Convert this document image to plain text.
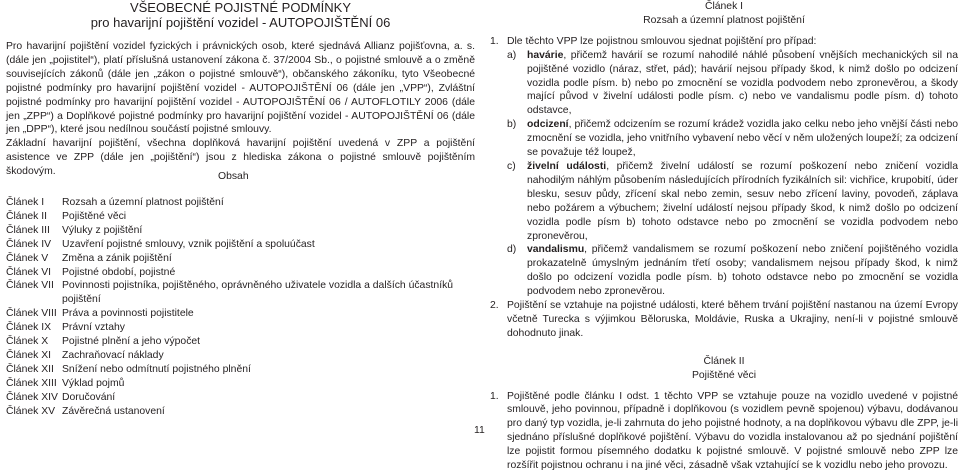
VŠEOBECNÉ POJISTNÉ PODMÍNKY
pro havarijní pojištění vozidel - AUTOPOJIŠTĚNÍ 06

Pro havarijní pojištění vozidel fyzických i právnických osob, které sjednává Allianz pojišťovna, a. s. (dále jen „pojistitel“), platí příslušná ustanovení zákona č. 37/2004 Sb., o pojistné smlouvě a o změně souvisejících zákonů (dále jen „zákon o pojistné smlouvě“), občanského zákoníku, tyto Všeobecné pojistné podmínky pro havarijní pojištění vozidel - AUTOPOJIŠTĚNÍ 06 (dále jen „VPP“), Zvláštní pojistné podmínky pro havarijní pojištění vozidel - AUTOPOJIŠTĚNÍ 06 / AUTOFLOTILY 2006 (dále jen „ZPP“) a Doplňkové pojistné podmínky pro havarijní pojištění vozidel - AUTOPOJIŠTĚNÍ 06 (dále jen „DPP“), které jsou nedílnou součástí pojistné smlouvy.

Základní havarijní pojištění, všechna doplňková havarijní pojištění uvedená v ZPP a pojištění asistence ve ZPP (dále jen „pojištění“) jsou z hlediska zákona o pojistné smlouvě pojištěním škodovým.	Obsah
Článek I	Rozsah a územní platnost pojištění
Článek II	Pojištěné věci
Článek III	Výluky z pojištění
Článek IV	Uzavření pojistné smlouvy, vznik pojištění a spoluúčast
Článek V	Změna a zánik pojištění
Článek VI	Pojistné období, pojistné
Článek VII Povinnosti pojistníka, pojištěného, oprávněného uživatele vozidla a dalších účastníků pojištění
Článek VIII Práva a povinnosti pojistitele
Článek IX	Právní vztahy
Článek X	Pojistné plnění a jeho výpočet
Článek XI	Zachraňovací náklady
Článek XII Snížení nebo odmítnutí pojistného plnění
Článek XIII Výklad pojmů
Článek XIV Doručování
Článek XV Závěrečná ustanovení
Článek I
Rozsah a územní platnost pojištění
1. Dle těchto VPP lze pojistnou smlouvou sjednat pojištění pro případ:
a)	havárie, přičemž havárií se rozumí nahodilé náhlé působení vnějších mechanických sil na pojištěné vozidlo (náraz, střet, pád); havárií nejsou případy škod, k nimž došlo po odcizení vozidla podle písm. b) nebo po zmocnění se vozidla podvodem nebo zpronevěrou, a škody mající původ v živelní události podle písm. c) nebo ve vandalismu podle písm. d) tohoto odstavce,
b)	odcizení, přičemž odcizením se rozumí krádež vozidla jako celku nebo jeho vnější části nebo zmocnění se vozidla, jeho vnitřního vybavení nebo věcí v něm uložených loupeží; za odcizení se považuje též loupež,
c)	živelní události, přičemž živelní událostí se rozumí poškození nebo zničení vozidla nahodilým náhlým působením následujících přírodních fyzikálních sil: vichřice, krupobití, úder blesku, sesuv půdy, zřícení skal nebo zemin, sesuv nebo zřícení laviny, povodeň, záplava nebo požárem a výbuchem; živelní událostí nejsou případy škod, k nimž došlo po odcizení vozidla podle písm b) tohoto odstavce nebo po zmocnění se vozidla podvodem nebo zpronevěrou,
d)	vandalismu, přičemž vandalismem se rozumí poškození nebo zničení pojištěného vozidla prokazatelně úmyslným jednáním třetí osoby; vandalismem nejsou případy škod, k nimž došlo po odcizení vozidla podle písm. b) tohoto odstavce nebo po zmocnění se vozidla podvodem nebo zpronevěrou.
2. Pojištění se vztahuje na pojistné události, které během trvání pojištění nastanou na území Evropy včetně Turecka s výjimkou Běloruska, Moldávie, Ruska a Ukrajiny, není-li v pojistné smlouvě dohodnuto jinak.
Článek II
Pojištěné věci
1. Pojištěné podle článku I odst. 1 těchto VPP se vztahuje pouze na vozidlo uvedené v pojistné smlouvě, jeho povinnou, případně i doplňkovou (s vozidlem pevně spojenou) výbavu, dodávanou pro daný typ vozidla, je-li zahrnuta do jeho pojistné hodnoty, a na doplňkovou výbavu dle ZPP, je-li sjednáno příslušné doplňkové pojištění. Výbavu do vozidla instalovanou až po sjednání pojištění lze pojistit formou písemného dodatku k pojistné smlouvě. V pojistné smlouvě nebo ZPP lze rozšířit pojistnou ochranu i na jiné věci, zásadně však vztahující se k vozidlu nebo jeho provozu.
11
